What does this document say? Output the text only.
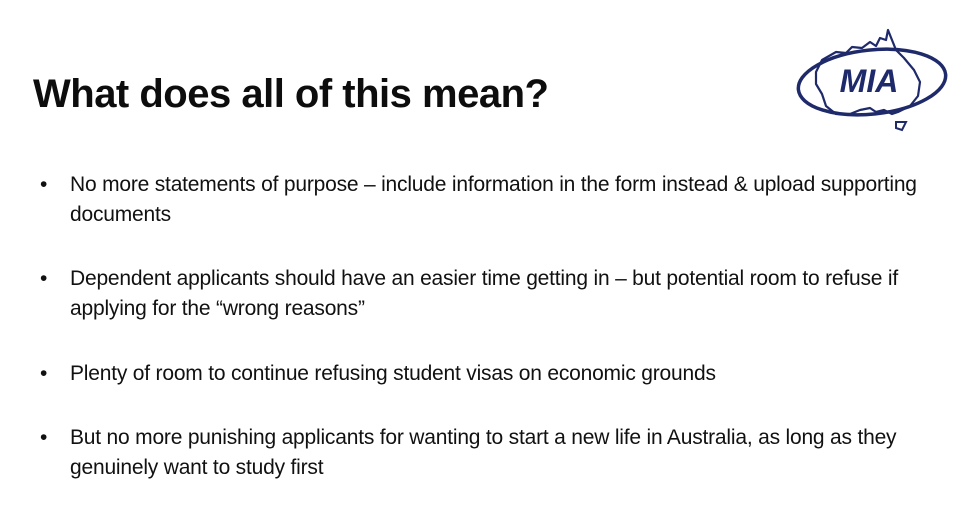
What does all of this mean?	MIA
• No more statements of purpose – include information in the form instead & upload supporting documents
• Dependent applicants should have an easier time getting in – but potential room to refuse if applying for the “wrong reasons”
• Plenty of room to continue refusing student visas on economic grounds
• But no more punishing applicants for wanting to start a new life in Australia, as long as they genuinely want to study first
